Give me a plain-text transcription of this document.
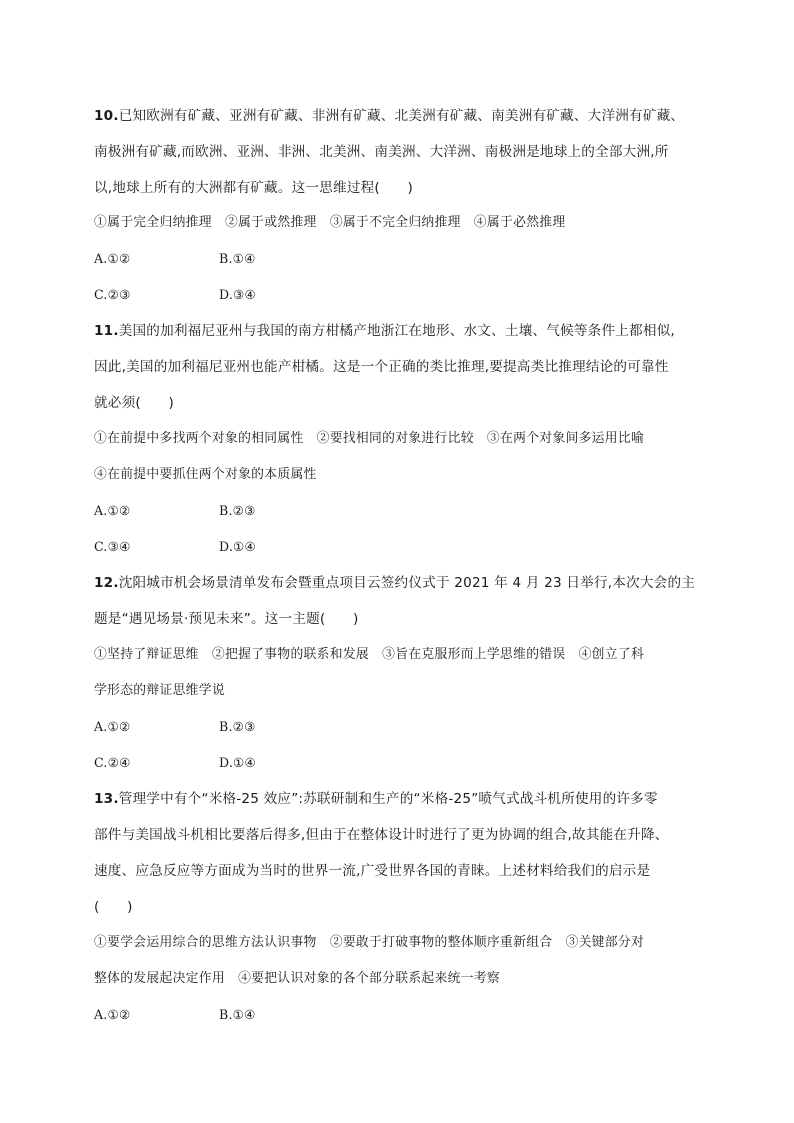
10.已知欧洲有矿藏、亚洲有矿藏、非洲有矿藏、北美洲有矿藏、南美洲有矿藏、大洋洲有矿藏、
南极洲有矿藏,而欧洲、亚洲、非洲、北美洲、南美洲、大洋洲、南极洲是地球上的全部大洲,所
以,地球上所有的大洲都有矿藏。这一思维过程(　　)
①属于完全归纳推理　②属于或然推理　③属于不完全归纳推理　④属于必然推理
A.①②	B.①④
C.②③	D.③④
11.美国的加利福尼亚州与我国的南方柑橘产地浙江在地形、水文、土壤、气候等条件上都相似,
因此,美国的加利福尼亚州也能产柑橘。这是一个正确的类比推理,要提高类比推理结论的可靠性
就必须(　　)
①在前提中多找两个对象的相同属性　②要找相同的对象进行比较　③在两个对象间多运用比喻
④在前提中要抓住两个对象的本质属性
A.①②	B.②③
C.③④	D.①④
12.沈阳城市机会场景清单发布会暨重点项目云签约仪式于 2021 年 4 月 23 日举行,本次大会的主
题是“遇见场景·预见未来”。这一主题(　　)
①坚持了辩证思维　②把握了事物的联系和发展　③旨在克服形而上学思维的错误　④创立了科
学形态的辩证思维学说
A.①②	B.②③
C.②④	D.①④
13.管理学中有个“米格-25 效应”:苏联研制和生产的“米格-25”喷气式战斗机所使用的许多零
部件与美国战斗机相比要落后得多,但由于在整体设计时进行了更为协调的组合,故其能在升降、
速度、应急反应等方面成为当时的世界一流,广受世界各国的青睐。上述材料给我们的启示是
(　　)
①要学会运用综合的思维方法认识事物　②要敢于打破事物的整体顺序重新组合　③关键部分对
整体的发展起决定作用　④要把认识对象的各个部分联系起来统一考察
A.①②	B.①④
